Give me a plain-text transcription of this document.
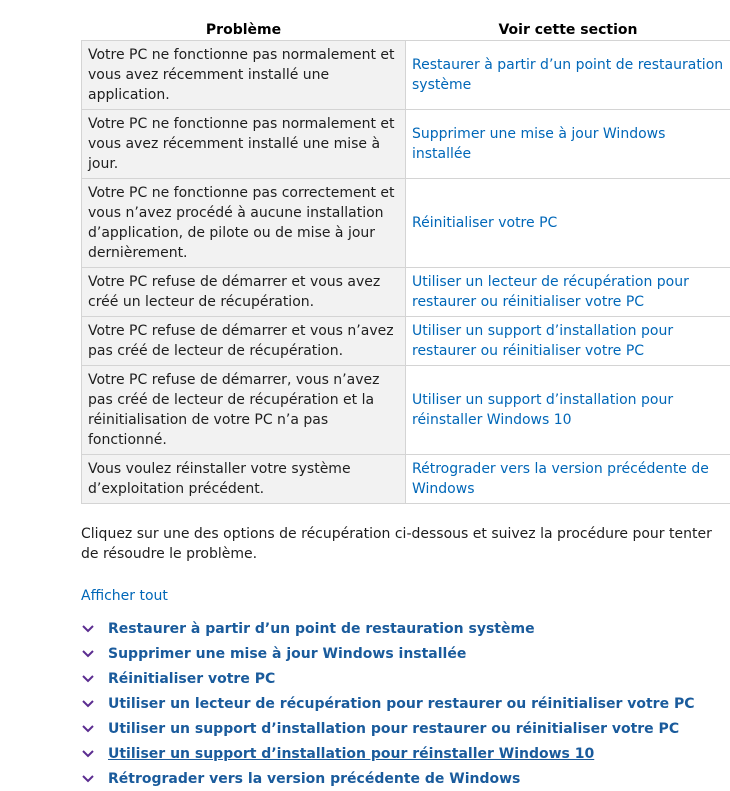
Problème	Voir cette section
Votre PC ne fonctionne pas normalement et vous avez récemment installé une application.	Restaurer à partir d’un point de restauration système
Votre PC ne fonctionne pas normalement et vous avez récemment installé une mise à jour.	Supprimer une mise à jour Windows installée
Votre PC ne fonctionne pas correctement et vous n’avez procédé à aucune installation d’application, de pilote ou de mise à jour dernièrement.	Réinitialiser votre PC
Votre PC refuse de démarrer et vous avez créé un lecteur de récupération.	Utiliser un lecteur de récupération pour restaurer ou réinitialiser votre PC
Votre PC refuse de démarrer et vous n’avez pas créé de lecteur de récupération.	Utiliser un support d’installation pour restaurer ou réinitialiser votre PC
Votre PC refuse de démarrer, vous n’avez pas créé de lecteur de récupération et la réinitialisation de votre PC n’a pas fonctionné.	Utiliser un support d’installation pour réinstaller Windows 10
Vous voulez réinstaller votre système d’exploitation précédent.	Rétrograder vers la version précédente de Windows

Cliquez sur une des options de récupération ci-dessous et suivez la procédure pour tenter de résoudre le problème.

Afficher tout
Restaurer à partir d’un point de restauration système
Supprimer une mise à jour Windows installée
Réinitialiser votre PC
Utiliser un lecteur de récupération pour restaurer ou réinitialiser votre PC
Utiliser un support d’installation pour restaurer ou réinitialiser votre PC
Utiliser un support d’installation pour réinstaller Windows 10
Rétrograder vers la version précédente de Windows
